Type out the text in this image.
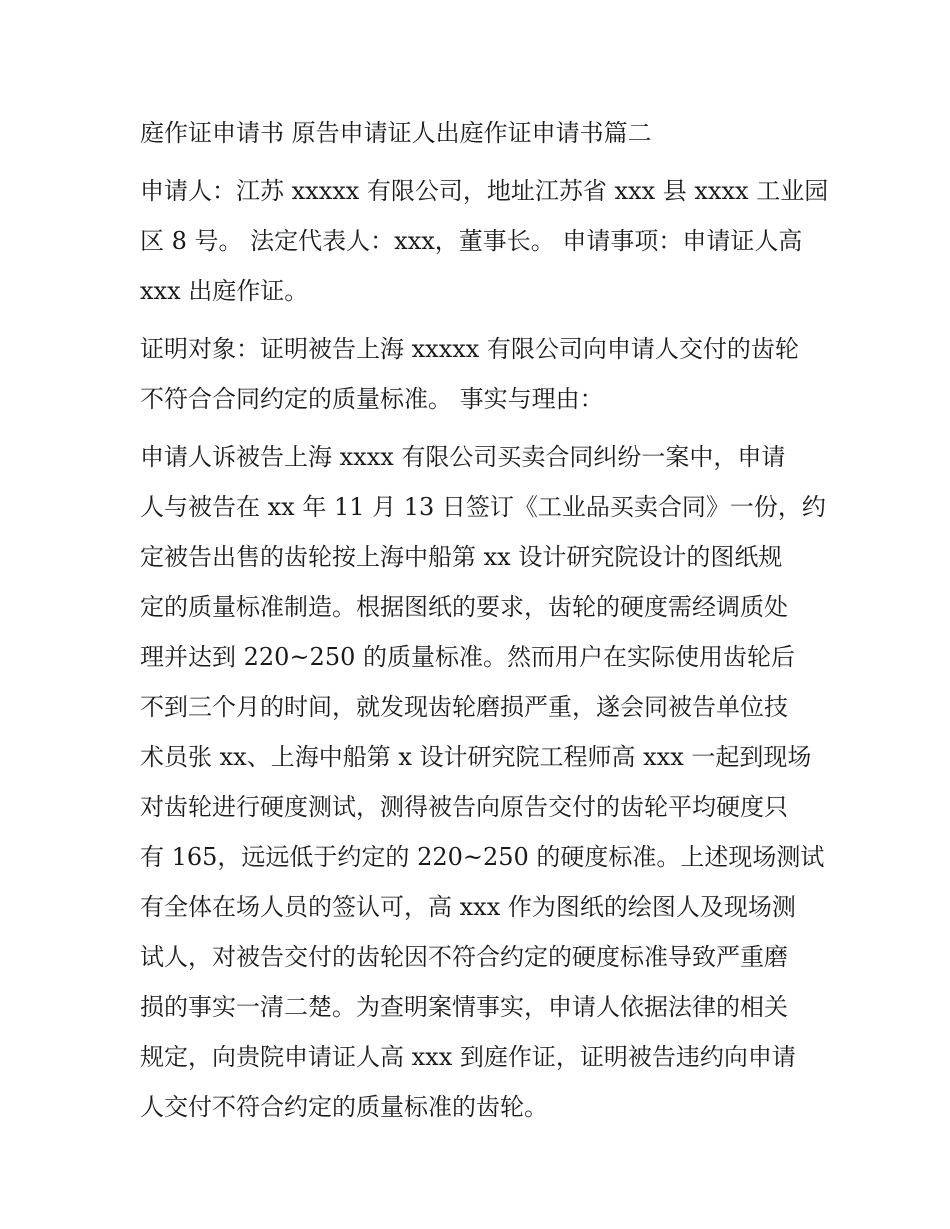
庭作证申请书 原告申请证人出庭作证申请书篇二
申请人：江苏 xxxxx 有限公司，地址江苏省 xxx 县 xxxx 工业园
区 8 号。 法定代表人：xxx，董事长。 申请事项：申请证人高
xxx 出庭作证。
证明对象：证明被告上海 xxxxx 有限公司向申请人交付的齿轮
不符合合同约定的质量标准。 事实与理由：
申请人诉被告上海 xxxx 有限公司买卖合同纠纷一案中，申请
人与被告在 xx 年 11 月 13 日签订《工业品买卖合同》一份，约
定被告出售的齿轮按上海中船第 xx 设计研究院设计的图纸规
定的质量标准制造。根据图纸的要求，齿轮的硬度需经调质处
理并达到 220~250 的质量标准。然而用户在实际使用齿轮后
不到三个月的时间，就发现齿轮磨损严重，遂会同被告单位技
术员张 xx、上海中船第 x 设计研究院工程师高 xxx 一起到现场
对齿轮进行硬度测试，测得被告向原告交付的齿轮平均硬度只
有 165，远远低于约定的 220~250 的硬度标准。上述现场测试
有全体在场人员的签认可，高 xxx 作为图纸的绘图人及现场测
试人，对被告交付的齿轮因不符合约定的硬度标准导致严重磨
损的事实一清二楚。为查明案情事实，申请人依据法律的相关
规定，向贵院申请证人高 xxx 到庭作证，证明被告违约向申请
人交付不符合约定的质量标准的齿轮。
